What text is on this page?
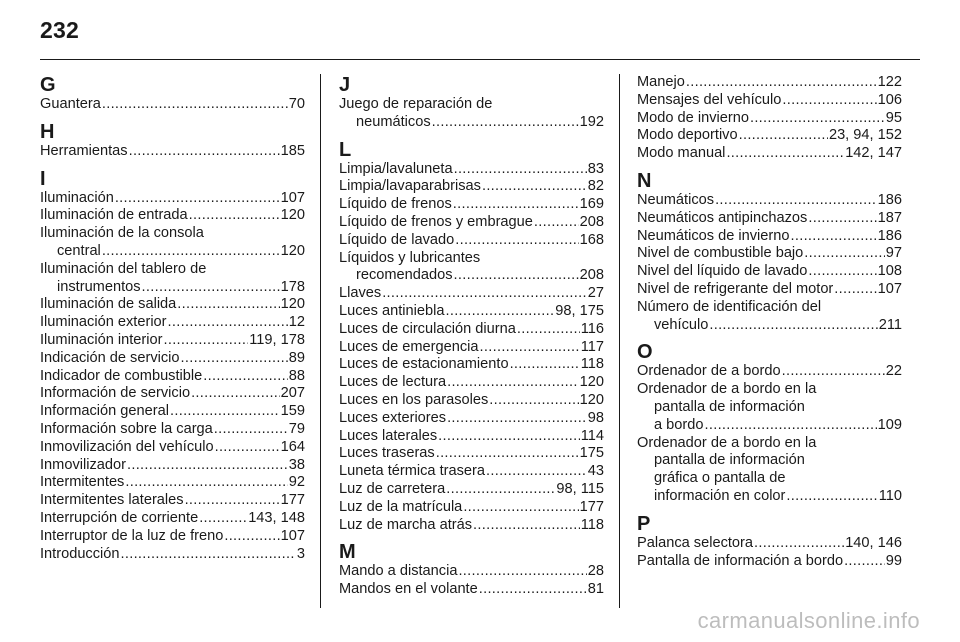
232
G
Guantera .....	70
H
Herramientas .....	185
I
Iluminación .....	107
Iluminación de entrada .....	120
Iluminación de la consola
central .....	120
Iluminación del tablero de
instrumentos .....	178
Iluminación de salida .....	120
Iluminación exterior .....	12
Iluminación interior .....	119, 178
Indicación de servicio .....	89
Indicador de combustible .....	88
Información de servicio .....	207
Información general .....	159
Información sobre la carga .....	79
Inmovilización del vehículo .....	164
Inmovilizador .....	38
Intermitentes .....	92
Intermitentes laterales .....	177
Interrupción de corriente .....	143, 148
Interruptor de la luz de freno .....	107
Introducción .....	3
J
Juego de reparación de
neumáticos .....	192
L
Limpia/lavaluneta .....	83
Limpia/lavaparabrisas .....	82
Líquido de frenos .....	169
Líquido de frenos y embrague .....	208
Líquido de lavado .....	168
Líquidos y lubricantes
recomendados .....	208
Llaves .....	27
Luces antiniebla .....	98, 175
Luces de circulación diurna .....	116
Luces de emergencia .....	117
Luces de estacionamiento .....	118
Luces de lectura .....	120
Luces en los parasoles .....	120
Luces exteriores .....	98
Luces laterales .....	114
Luces traseras .....	175
Luneta térmica trasera .....	43
Luz de carretera .....	98, 115
Luz de la matrícula .....	177
Luz de marcha atrás .....	118
M
Mando a distancia .....	28
Mandos en el volante .....	81
Manejo .....	122
Mensajes del vehículo .....	106
Modo de invierno .....	95
Modo deportivo .....	23, 94, 152
Modo manual .....	142, 147
N
Neumáticos .....	186
Neumáticos antipinchazos .....	187
Neumáticos de invierno .....	186
Nivel de combustible bajo .....	97
Nivel del líquido de lavado .....	108
Nivel de refrigerante del motor .....	107
Número de identificación del
vehículo .....	211
O
Ordenador de a bordo .....	22
Ordenador de a bordo en la
pantalla de información
a bordo .....	109
Ordenador de a bordo en la
pantalla de información
gráfica o pantalla de
información en color .....	110
P
Palanca selectora .....	140, 146
Pantalla de información a bordo .....	99
carmanualsonline.info
